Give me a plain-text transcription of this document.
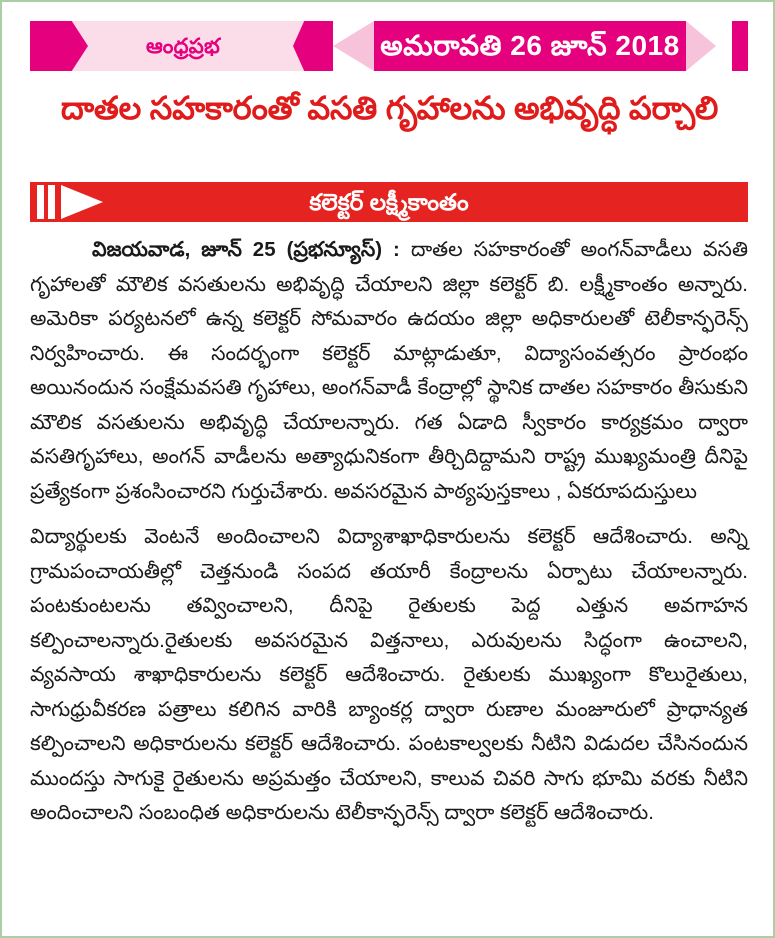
ఆంధ్రప్రభ	అమరావతి 26 జూన్ 2018
దాతల సహకారంతో వసతి గృహాలను అభివృద్ధి పర్చాలి
కలెక్టర్ లక్ష్మీకాంతం

విజయవాడ, జూన్ 25 (ప్రభన్యూస్) : దాతల సహకారంతో అంగన్‌వాడీలు వసతి గృహాలతో మౌలిక వసతులను అభివృద్ధి చేయాలని జిల్లా కలెక్టర్ బి. లక్ష్మీకాంతం అన్నారు. అమెరికా పర్యటనలో ఉన్న కలెక్టర్ సోమవారం ఉదయం జిల్లా అధికారులతో టెలీకాన్ఫరెన్స్ నిర్వహించారు. ఈ సందర్భంగా కలెక్టర్ మాట్లాడుతూ, విద్యాసంవత్సరం ప్రారంభం అయినందున సంక్షేమవసతి గృహాలు, అంగన్‌వాడీ కేంద్రాల్లో స్థానిక దాతల సహకారం తీసుకుని మౌలిక వసతులను అభివృద్ధి చేయాలన్నారు. గత ఏడాది స్వీకారం కార్యక్రమం ద్వారా వసతిగృహాలు, అంగన్ వాడీలను అత్యాధునికంగా తీర్చిదిద్దామని రాష్ట్ర ముఖ్యమంత్రి దీనిపై ప్రత్యేకంగా ప్రశంసించారని గుర్తుచేశారు. అవసరమైన పాఠ్యపుస్తకాలు , ఏకరూపదుస్తులు

విద్యార్థులకు వెంటనే అందించాలని విద్యాశాఖాధికారులను కలెక్టర్ ఆదేశించారు. అన్ని గ్రామపంచాయతీల్లో చెత్తనుండి సంపద తయారీ కేంద్రాలను ఏర్పాటు చేయాలన్నారు. పంటకుంటలను తవ్వించాలని, దీనిపై రైతులకు పెద్ద ఎత్తున అవగాహన కల్పించాలన్నారు.రైతులకు అవసరమైన విత్తనాలు, ఎరువులను సిద్ధంగా ఉంచాలని, వ్యవసాయ శాఖాధికారులను కలెక్టర్ ఆదేశించారు. రైతులకు ముఖ్యంగా కొలురైతులు, సాగుధ్రువీకరణ పత్రాలు కలిగిన వారికి బ్యాంకర్ల ద్వారా రుణాల మంజూరులో ప్రాధాన్యత కల్పించాలని అధికారులను కలెక్టర్ ఆదేశించారు. పంటకాల్వలకు నీటిని విడుదల చేసినందున ముందస్తు సాగుకై రైతులను అప్రమత్తం చేయాలని, కాలువ చివరి సాగు భూమి వరకు నీటిని అందించాలని సంబంధిత అధికారులను టెలీకాన్ఫరెన్స్ ద్వారా కలెక్టర్ ఆదేశించారు.
